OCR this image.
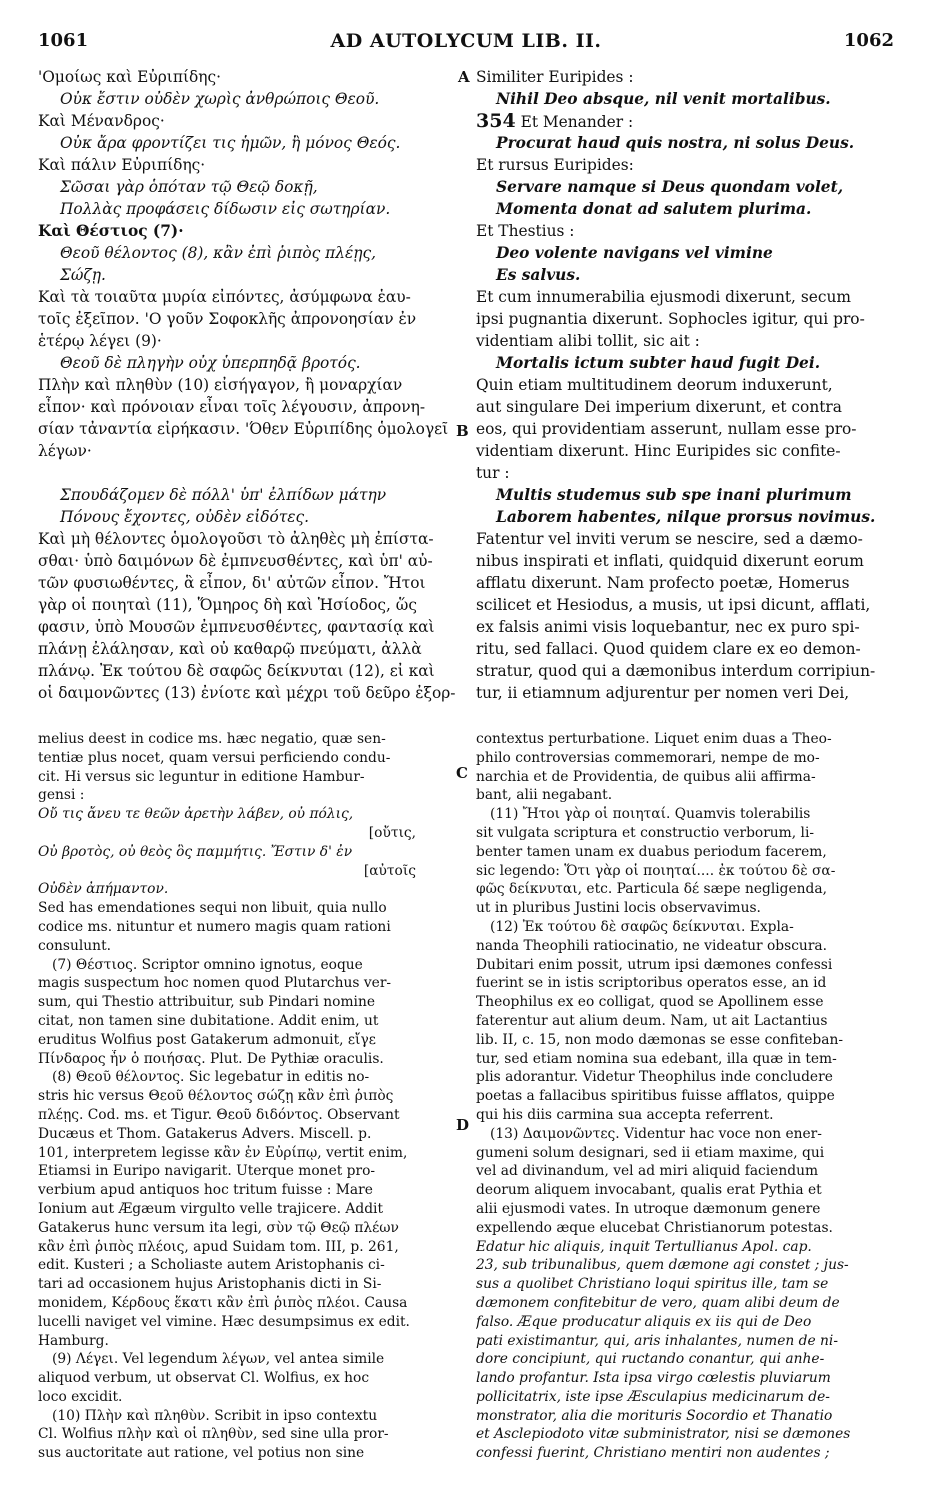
1061	AD AUTOLYCUM LIB. II.	1062
A
B
C
D
'Ομοίως καὶ Εὐριπίδης·
Οὐκ ἔστιν οὐδὲν χωρὶς ἀνθρώποις Θεοῦ.
Καὶ Μένανδρος·
Οὐκ ἄρα φροντίζει τις ἡμῶν, ἢ μόνος Θεός.
Καὶ πάλιν Εὐριπίδης·
Σῶσαι γὰρ ὁπόταν τῷ Θεῷ δοκῇ,
Πολλὰς προφάσεις δίδωσιν εἰς σωτηρίαν.
Καὶ Θέστιος (7)·
Θεοῦ θέλοντος (8), κἂν ἐπὶ ῥιπὸς πλέῃς,
Σώζῃ.
Καὶ τὰ τοιαῦτα μυρία εἰπόντες, ἀσύμφωνα ἑαυ-
τοῖς ἐξεῖπον. 'Ο γοῦν Σοφοκλῆς ἀπρονοησίαν ἐν
ἑτέρῳ λέγει (9)·
Θεοῦ δὲ πληγὴν οὐχ ὑπερπηδᾷ βροτός.
Πλὴν καὶ πληθὺν (10) εἰσήγαγον, ἢ μοναρχίαν
εἶπον· καὶ πρόνοιαν εἶναι τοῖς λέγουσιν, ἀπρονη-
σίαν τἀναντία εἰρήκασιν. 'Όθεν Εὐριπίδης ὁμολογεῖ
λέγων·
Σπουδάζομεν δὲ πόλλ' ὑπ' ἐλπίδων μάτην
Πόνους ἔχοντες, οὐδὲν εἰδότες.
Καὶ μὴ θέλοντες ὁμολογοῦσι τὸ ἀληθὲς μὴ ἐπίστα-
σθαι· ὑπὸ δαιμόνων δὲ ἐμπνευσθέντες, καὶ ὑπ' αὐ-
τῶν φυσιωθέντες, ἃ εἶπον, δι' αὐτῶν εἶπον. Ἤτοι
γὰρ οἱ ποιηταὶ (11), Ὅμηρος δὴ καὶ Ἡσίοδος, ὥς
φασιν, ὑπὸ Μουσῶν ἐμπνευσθέντες, φαντασίᾳ καὶ
πλάνῃ ἐλάλησαν, καὶ οὐ καθαρῷ πνεύματι, ἀλλὰ
πλάνῳ. Ἐκ τούτου δὲ σαφῶς δείκνυται (12), εἰ καὶ
οἱ δαιμονῶντες (13) ἐνίοτε καὶ μέχρι τοῦ δεῦρο ἐξορ-
Similiter Euripides :
Nihil Deo absque, nil venit mortalibus.
354 Et Menander :
Procurat haud quis nostra, ni solus Deus.
Et rursus Euripides:
Servare namque si Deus quondam volet,
Momenta donat ad salutem plurima.
Et Thestius :
Deo volente navigans vel vimine
Es salvus.
Et cum innumerabilia ejusmodi dixerunt, secum
ipsi pugnantia dixerunt. Sophocles igitur, qui pro-
videntiam alibi tollit, sic ait :
Mortalis ictum subter haud fugit Dei.
Quin etiam multitudinem deorum induxerunt,
aut singulare Dei imperium dixerunt, et contra
eos, qui providentiam asserunt, nullam esse pro-
videntiam dixerunt. Hinc Euripides sic confite-
tur :
Multis studemus sub spe inani plurimum
Laborem habentes, nilque prorsus novimus.
Fatentur vel inviti verum se nescire, sed a dæmo-
nibus inspirati et inflati, quidquid dixerunt eorum
afflatu dixerunt. Nam profecto poetæ, Homerus
scilicet et Hesiodus, a musis, ut ipsi dicunt, afflati,
ex falsis animi visis loquebantur, nec ex puro spi-
ritu, sed fallaci. Quod quidem clare ex eo demon-
stratur, quod qui a dæmonibus interdum corripiun-
tur, ii etiamnum adjurentur per nomen veri Dei,
melius deest in codice ms. hæc negatio, quæ sen-
tentiæ plus nocet, quam versui perficiendo condu-
cit. Hi versus sic leguntur in editione Hambur-
gensi :
Οὔ τις ἄνευ τε θεῶν ἀρετὴν λάβεν, οὐ πόλις,
[οὔτις,
Οὐ βροτὸς, οὐ θεὸς ὃς παμμήτις. Ἔστιν δ' ἐν
[αὐτοῖς
Οὐδὲν ἀπήμαντον.
Sed has emendationes sequi non libuit, quia nullo
codice ms. nituntur et numero magis quam rationi
consulunt.
(7) Θέστιος. Scriptor omnino ignotus, eoque
magis suspectum hoc nomen quod Plutarchus ver-
sum, qui Thestio attribuitur, sub Pindari nomine
citat, non tamen sine dubitatione. Addit enim, ut
eruditus Wolfius post Gatakerum admonuit, εἴγε
Πίνδαρος ἦν ὁ ποιήσας. Plut. De Pythiæ oraculis.
(8) Θεοῦ θέλοντος. Sic legebatur in editis no-
stris hic versus Θεοῦ θέλοντος σώζῃ κἂν ἐπὶ ῥιπὸς
πλέῃς. Cod. ms. et Tigur. Θεοῦ διδόντος. Observant
Ducæus et Thom. Gatakerus Advers. Miscell. p.
101, interpretem legisse κἂν ἐν Εὐρίπῳ, vertit enim,
Etiamsi in Euripo navigarit. Uterque monet pro-
verbium apud antiquos hoc tritum fuisse : Mare
Ionium aut Ægæum virgulto velle trajicere. Addit
Gatakerus hunc versum ita legi, σὺν τῷ Θεῷ πλέων
κἂν ἐπὶ ῥιπὸς πλέοις, apud Suidam tom. III, p. 261,
edit. Kusteri ; a Scholiaste autem Aristophanis ci-
tari ad occasionem hujus Aristophanis dicti in Si-
monidem, Κέρδους ἕκατι κἂν ἐπὶ ῥιπὸς πλέοι. Causa
lucelli naviget vel vimine. Hæc desumpsimus ex edit.
Hamburg.
(9) Λέγει. Vel legendum λέγων, vel antea simile
aliquod verbum, ut observat Cl. Wolfius, ex hoc
loco excidit.
(10) Πλὴν καὶ πληθὺν. Scribit in ipso contextu
Cl. Wolfius πλὴν καὶ οἱ πληθὺν, sed sine ulla pror-
sus auctoritate aut ratione, vel potius non sine
contextus perturbatione. Liquet enim duas a Theo-
philo controversias commemorari, nempe de mo-
narchia et de Providentia, de quibus alii affirma-
bant, alii negabant.
(11) Ἤτοι γὰρ οἱ ποιηταί. Quamvis tolerabilis
sit vulgata scriptura et constructio verborum, li-
benter tamen unam ex duabus periodum facerem,
sic legendo: Ὅτι γὰρ οἱ ποιηταί.... ἐκ τούτου δὲ σα-
φῶς δείκνυται, etc. Particula δέ sæpe negligenda,
ut in pluribus Justini locis observavimus.
(12) Ἐκ τούτου δὲ σαφῶς δείκνυται. Expla-
nanda Theophili ratiocinatio, ne videatur obscura.
Dubitari enim possit, utrum ipsi dæmones confessi
fuerint se in istis scriptoribus operatos esse, an id
Theophilus ex eo colligat, quod se Apollinem esse
faterentur aut alium deum. Nam, ut ait Lactantius
lib. II, c. 15, non modo dæmonas se esse confiteban-
tur, sed etiam nomina sua edebant, illa quæ in tem-
plis adorantur. Videtur Theophilus inde concludere
poetas a fallacibus spiritibus fuisse afflatos, quippe
qui his diis carmina sua accepta referrent.
(13) Δαιμονῶντες. Videntur hac voce non ener-
gumeni solum designari, sed ii etiam maxime, qui
vel ad divinandum, vel ad miri aliquid faciendum
deorum aliquem invocabant, qualis erat Pythia et
alii ejusmodi vates. In utroque dæmonum genere
expellendo æque elucebat Christianorum potestas.
Edatur hic aliquis, inquit Tertullianus Apol. cap.
23, sub tribunalibus, quem dæmone agi constet ; jus-
sus a quolibet Christiano loqui spiritus ille, tam se
dæmonem confitebitur de vero, quam alibi deum de
falso. Æque producatur aliquis ex iis qui de Deo
pati existimantur, qui, aris inhalantes, numen de ni-
dore concipiunt, qui ructando conantur, qui anhe-
lando profantur. Ista ipsa virgo cœlestis pluviarum
pollicitatrix, iste ipse Æsculapius medicinarum de-
monstrator, alia die morituris Socordio et Thanatio
et Asclepiodoto vitæ subministrator, nisi se dæmones
confessi fuerint, Christiano mentiri non audentes ;
